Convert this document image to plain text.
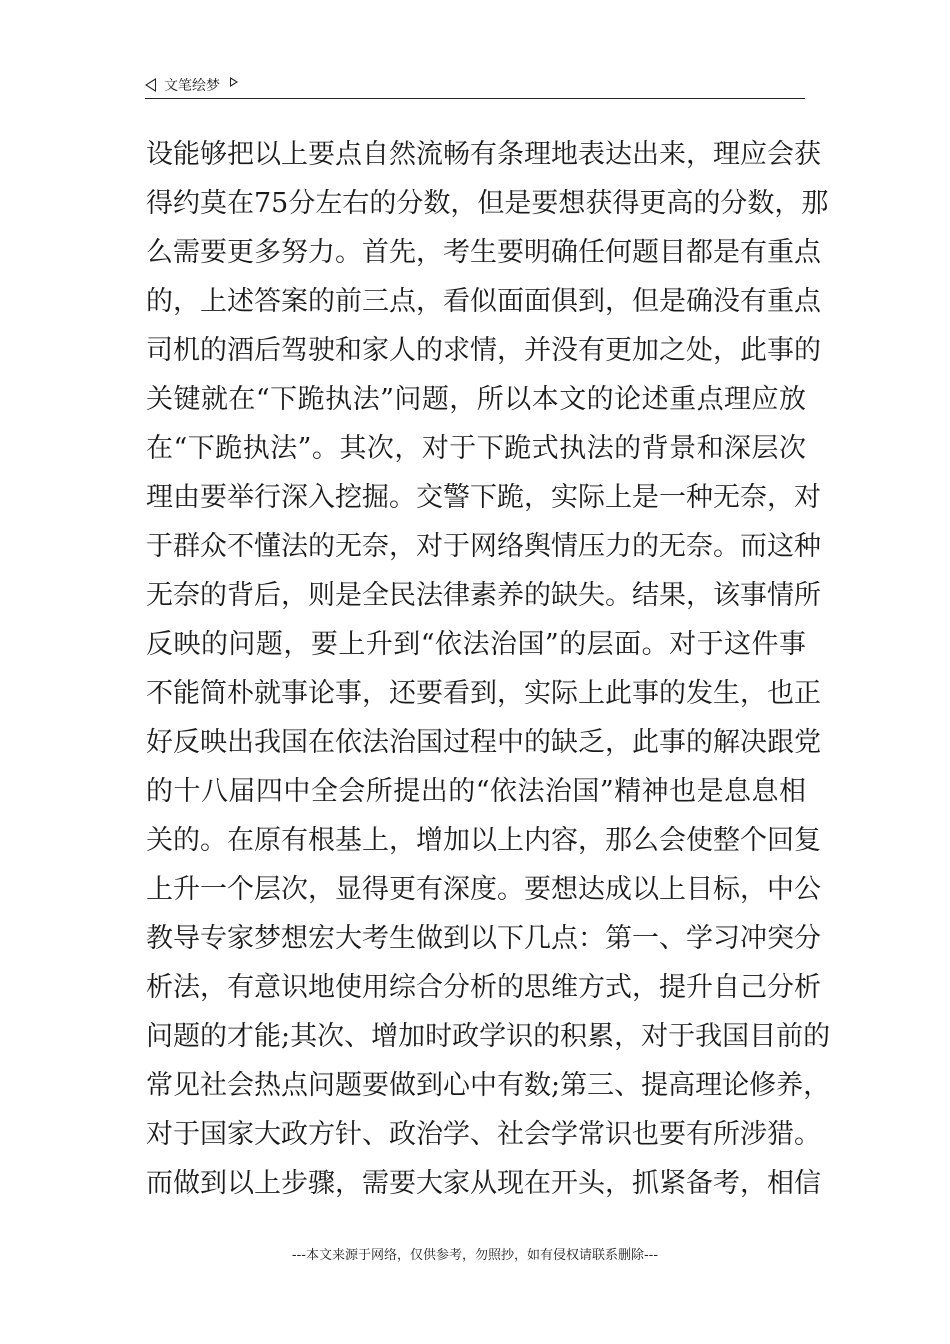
文笔绘梦
设能够把以上要点自然流畅有条理地表达出来，理应会获
得约莫在75分左右的分数，但是要想获得更高的分数，那
么需要更多努力。首先，考生要明确任何题目都是有重点
的，上述答案的前三点，看似面面俱到，但是确没有重点
司机的酒后驾驶和家人的求情，并没有更加之处，此事的
关键就在“下跪执法”问题，所以本文的论述重点理应放
在“下跪执法”。其次，对于下跪式执法的背景和深层次
理由要举行深入挖掘。交警下跪，实际上是一种无奈，对
于群众不懂法的无奈，对于网络舆情压力的无奈。而这种
无奈的背后，则是全民法律素养的缺失。结果，该事情所
反映的问题，要上升到“依法治国”的层面。对于这件事
不能简朴就事论事，还要看到，实际上此事的发生，也正
好反映出我国在依法治国过程中的缺乏，此事的解决跟党
的十八届四中全会所提出的“依法治国”精神也是息息相
关的。在原有根基上，增加以上内容，那么会使整个回复
上升一个层次，显得更有深度。要想达成以上目标，中公
教导专家梦想宏大考生做到以下几点：第一、学习冲突分
析法，有意识地使用综合分析的思维方式，提升自己分析
问题的才能;其次、增加时政学识的积累，对于我国目前的
常见社会热点问题要做到心中有数;第三、提高理论修养，
对于国家大政方针、政治学、社会学常识也要有所涉猎。
而做到以上步骤，需要大家从现在开头，抓紧备考，相信
---本文来源于网络，仅供参考，勿照抄，如有侵权请联系删除---
